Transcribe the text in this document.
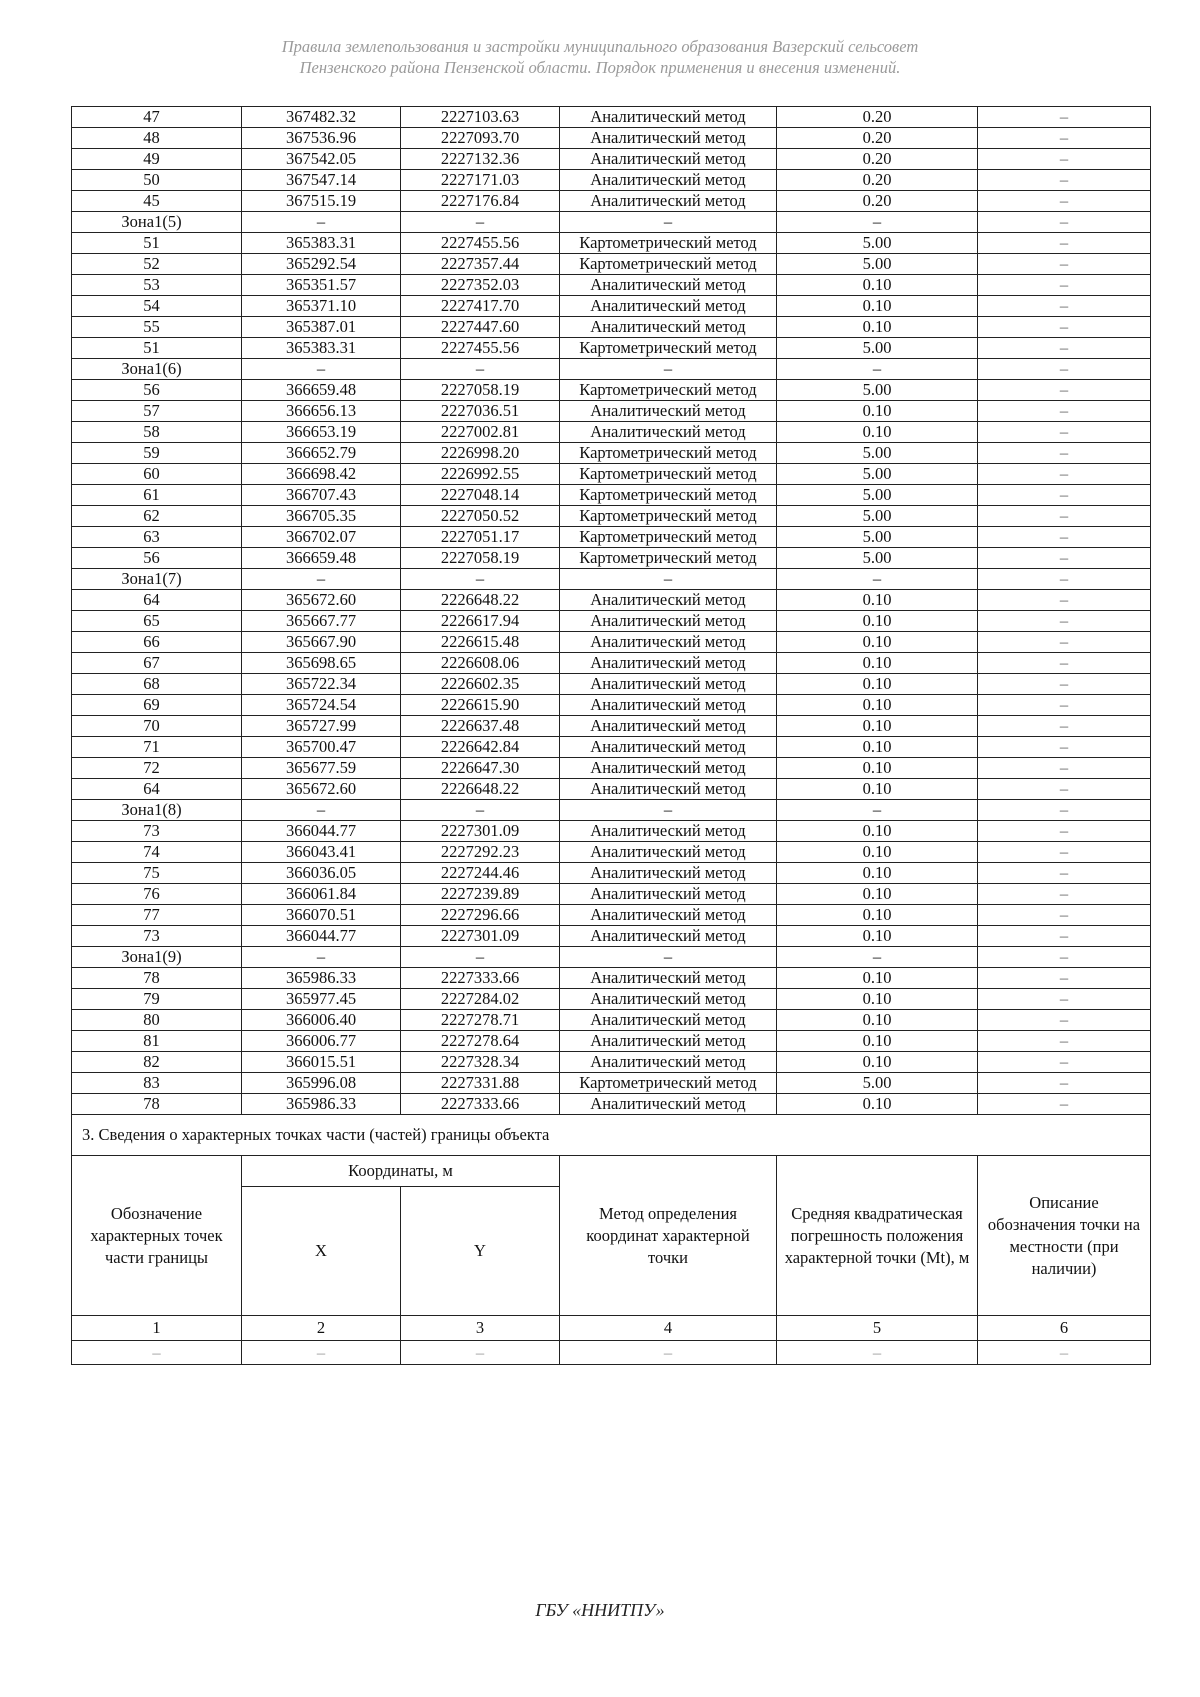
Правила землепользования и застройки муниципального образования Вазерский сельсовет
Пензенского района Пензенской области. Порядок применения и внесения изменений.
47	367482.32	2227103.63	Аналитический метод	0.20	–
48	367536.96	2227093.70	Аналитический метод	0.20	–
49	367542.05	2227132.36	Аналитический метод	0.20	–
50	367547.14	2227171.03	Аналитический метод	0.20	–
45	367515.19	2227176.84	Аналитический метод	0.20	–
Зона1(5)	–	–	–	–	–
51	365383.31	2227455.56	Картометрический метод	5.00	–
52	365292.54	2227357.44	Картометрический метод	5.00	–
53	365351.57	2227352.03	Аналитический метод	0.10	–
54	365371.10	2227417.70	Аналитический метод	0.10	–
55	365387.01	2227447.60	Аналитический метод	0.10	–
51	365383.31	2227455.56	Картометрический метод	5.00	–
Зона1(6)	–	–	–	–	–
56	366659.48	2227058.19	Картометрический метод	5.00	–
57	366656.13	2227036.51	Аналитический метод	0.10	–
58	366653.19	2227002.81	Аналитический метод	0.10	–
59	366652.79	2226998.20	Картометрический метод	5.00	–
60	366698.42	2226992.55	Картометрический метод	5.00	–
61	366707.43	2227048.14	Картометрический метод	5.00	–
62	366705.35	2227050.52	Картометрический метод	5.00	–
63	366702.07	2227051.17	Картометрический метод	5.00	–
56	366659.48	2227058.19	Картометрический метод	5.00	–
Зона1(7)	–	–	–	–	–
64	365672.60	2226648.22	Аналитический метод	0.10	–
65	365667.77	2226617.94	Аналитический метод	0.10	–
66	365667.90	2226615.48	Аналитический метод	0.10	–
67	365698.65	2226608.06	Аналитический метод	0.10	–
68	365722.34	2226602.35	Аналитический метод	0.10	–
69	365724.54	2226615.90	Аналитический метод	0.10	–
70	365727.99	2226637.48	Аналитический метод	0.10	–
71	365700.47	2226642.84	Аналитический метод	0.10	–
72	365677.59	2226647.30	Аналитический метод	0.10	–
64	365672.60	2226648.22	Аналитический метод	0.10	–
Зона1(8)	–	–	–	–	–
73	366044.77	2227301.09	Аналитический метод	0.10	–
74	366043.41	2227292.23	Аналитический метод	0.10	–
75	366036.05	2227244.46	Аналитический метод	0.10	–
76	366061.84	2227239.89	Аналитический метод	0.10	–
77	366070.51	2227296.66	Аналитический метод	0.10	–
73	366044.77	2227301.09	Аналитический метод	0.10	–
Зона1(9)	–	–	–	–	–
78	365986.33	2227333.66	Аналитический метод	0.10	–
79	365977.45	2227284.02	Аналитический метод	0.10	–
80	366006.40	2227278.71	Аналитический метод	0.10	–
81	366006.77	2227278.64	Аналитический метод	0.10	–
82	366015.51	2227328.34	Аналитический метод	0.10	–
83	365996.08	2227331.88	Картометрический метод	5.00	–
78	365986.33	2227333.66	Аналитический метод	0.10	–
3. Сведения о характерных точках части (частей) границы объекта					
Обозначение характерных точек части границы	Координаты, м		Метод определения координат характерной точки	Средняя квадратическая погрешность положения характерной точки (Mt), м	Описание обозначения точки на местности (при наличии)
	X	Y			
1	2	3	4	5	6
–	–	–	–	–	–
ГБУ «ННИТПУ»
